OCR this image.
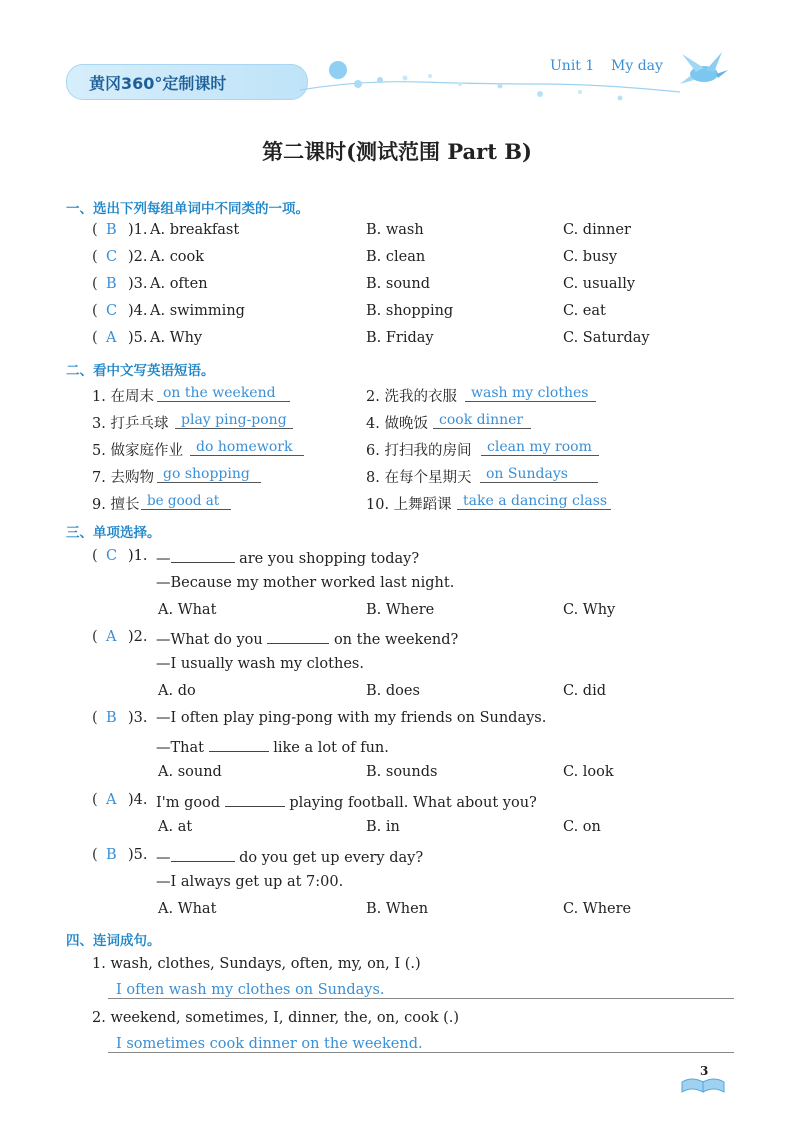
黄冈360°定制课时
Unit 1 My day
第二课时(测试范围 Part B)
一、选出下列每组单词中不同类的一项。
( B )1. A. breakfast	B. wash	C. dinner
( C )2. A. cook	B. clean	C. busy
( B )3. A. often	B. sound	C. usually
( C )4. A. swimming	B. shopping	C. eat
( A )5. A. Why	B. Friday	C. Saturday
二、看中文写英语短语。
1. 在周末 on the weekend	2. 洗我的衣服	wash my clothes
3. 打乒乓球 play ping-pong	4. 做晚饭 cook dinner
5. 做家庭作业 do homework	6. 打扫我的房间	clean my room
7. 去购物 go shopping	8. 在每个星期天	on Sundays
9. 擅长 be good at	10. 上舞蹈课 take a dancing class
三、单项选择。
( C )1. —	are you shopping today?
—Because my mother worked last night.
A. What	B. Where	C. Why
( A )2. —What do you	on the weekend?
—I usually wash my clothes.
A. do	B. does	C. did
( B )3. —I often play ping-pong with my friends on Sundays.
—That	like a lot of fun.
A. sound	B. sounds	C. look
( A )4. I'm good	playing football. What about you?
A. at	B. in	C. on
( B )5. —	do you get up every day?
—I always get up at 7:00.
A. What	B. When	C. Where
四、连词成句。
1. wash, clothes, Sundays, often, my, on, I (.)
I often wash my clothes on Sundays.
2. weekend, sometimes, I, dinner, the, on, cook (.)
I sometimes cook dinner on the weekend.
3
